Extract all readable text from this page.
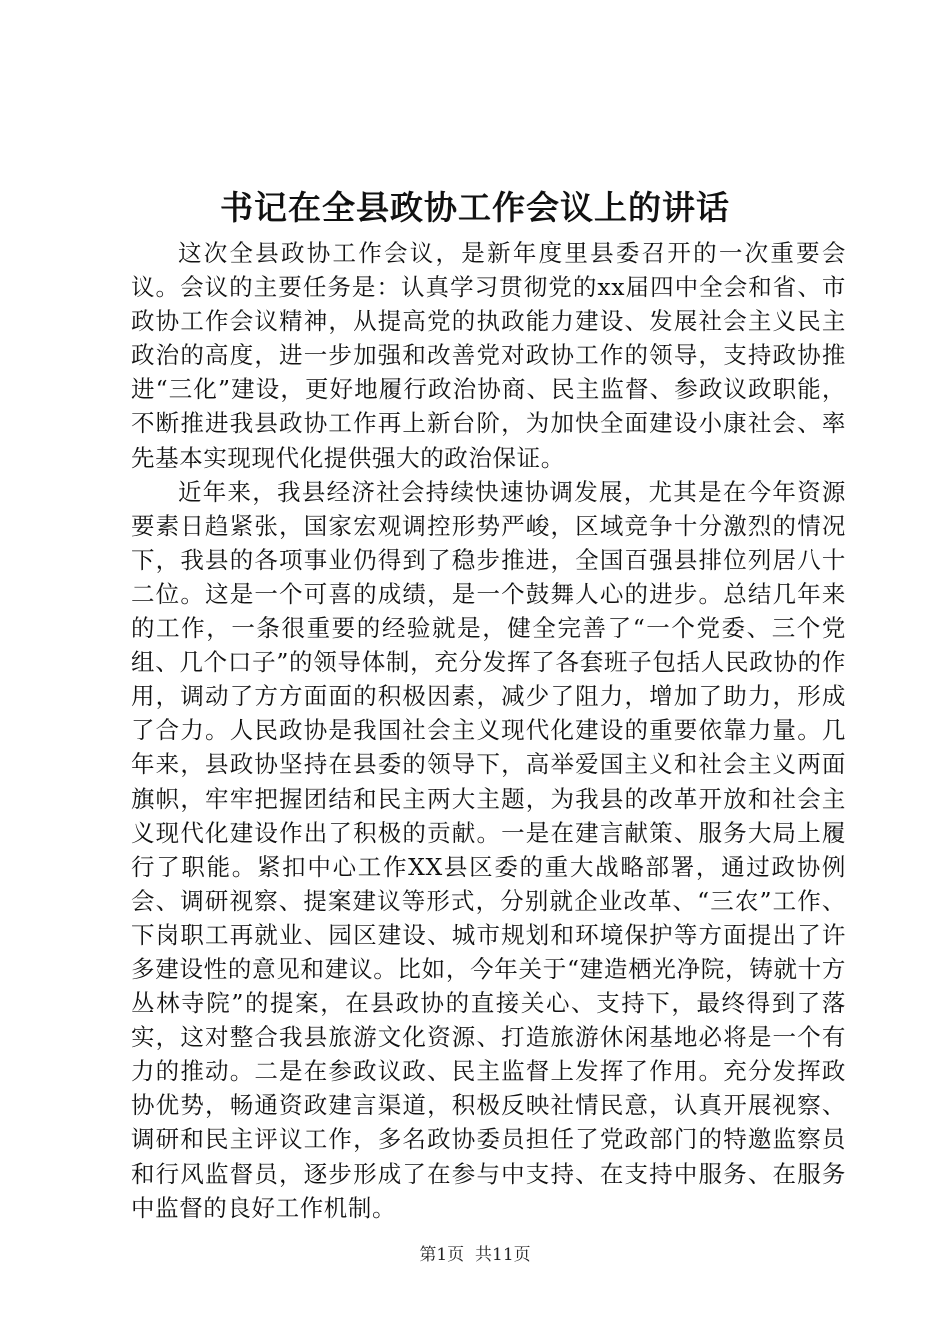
书记在全县政协工作会议上的讲话

这次全县政协工作会议，是新年度里县委召开的一次重要会议。会议的主要任务是：认真学习贯彻党的xx届四中全会和省、市政协工作会议精神，从提高党的执政能力建设、发展社会主义民主政治的高度，进一步加强和改善党对政协工作的领导，支持政协推进“三化”建设，更好地履行政治协商、民主监督、参政议政职能，不断推进我县政协工作再上新台阶，为加快全面建设小康社会、率先基本实现现代化提供强大的政治保证。

近年来，我县经济社会持续快速协调发展，尤其是在今年资源要素日趋紧张，国家宏观调控形势严峻，区域竞争十分激烈的情况下，我县的各项事业仍得到了稳步推进，全国百强县排位列居八十二位。这是一个可喜的成绩，是一个鼓舞人心的进步。总结几年来的工作，一条很重要的经验就是，健全完善了“一个党委、三个党组、几个口子”的领导体制，充分发挥了各套班子包括人民政协的作用，调动了方方面面的积极因素，减少了阻力，增加了助力，形成了合力。人民政协是我国社会主义现代化建设的重要依靠力量。几年来，县政协坚持在县委的领导下，高举爱国主义和社会主义两面旗帜，牢牢把握团结和民主两大主题，为我县的改革开放和社会主义现代化建设作出了积极的贡献。一是在建言献策、服务大局上履行了职能。紧扣中心工作XX县区委的重大战略部署，通过政协例会、调研视察、提案建议等形式，分别就企业改革、“三农”工作、下岗职工再就业、园区建设、城市规划和环境保护等方面提出了许多建设性的意见和建议。比如，今年关于“建造栖光净院，铸就十方丛林寺院”的提案，在县政协的直接关心、支持下，最终得到了落实，这对整合我县旅游文化资源、打造旅游休闲基地必将是一个有力的推动。二是在参政议政、民主监督上发挥了作用。充分发挥政协优势，畅通资政建言渠道，积极反映社情民意，认真开展视察、调研和民主评议工作，多名政协委员担任了党政部门的特邀监察员和行风监督员，逐步形成了在参与中支持、在支持中服务、在服务中监督的良好工作机制。

第1页 共11页
